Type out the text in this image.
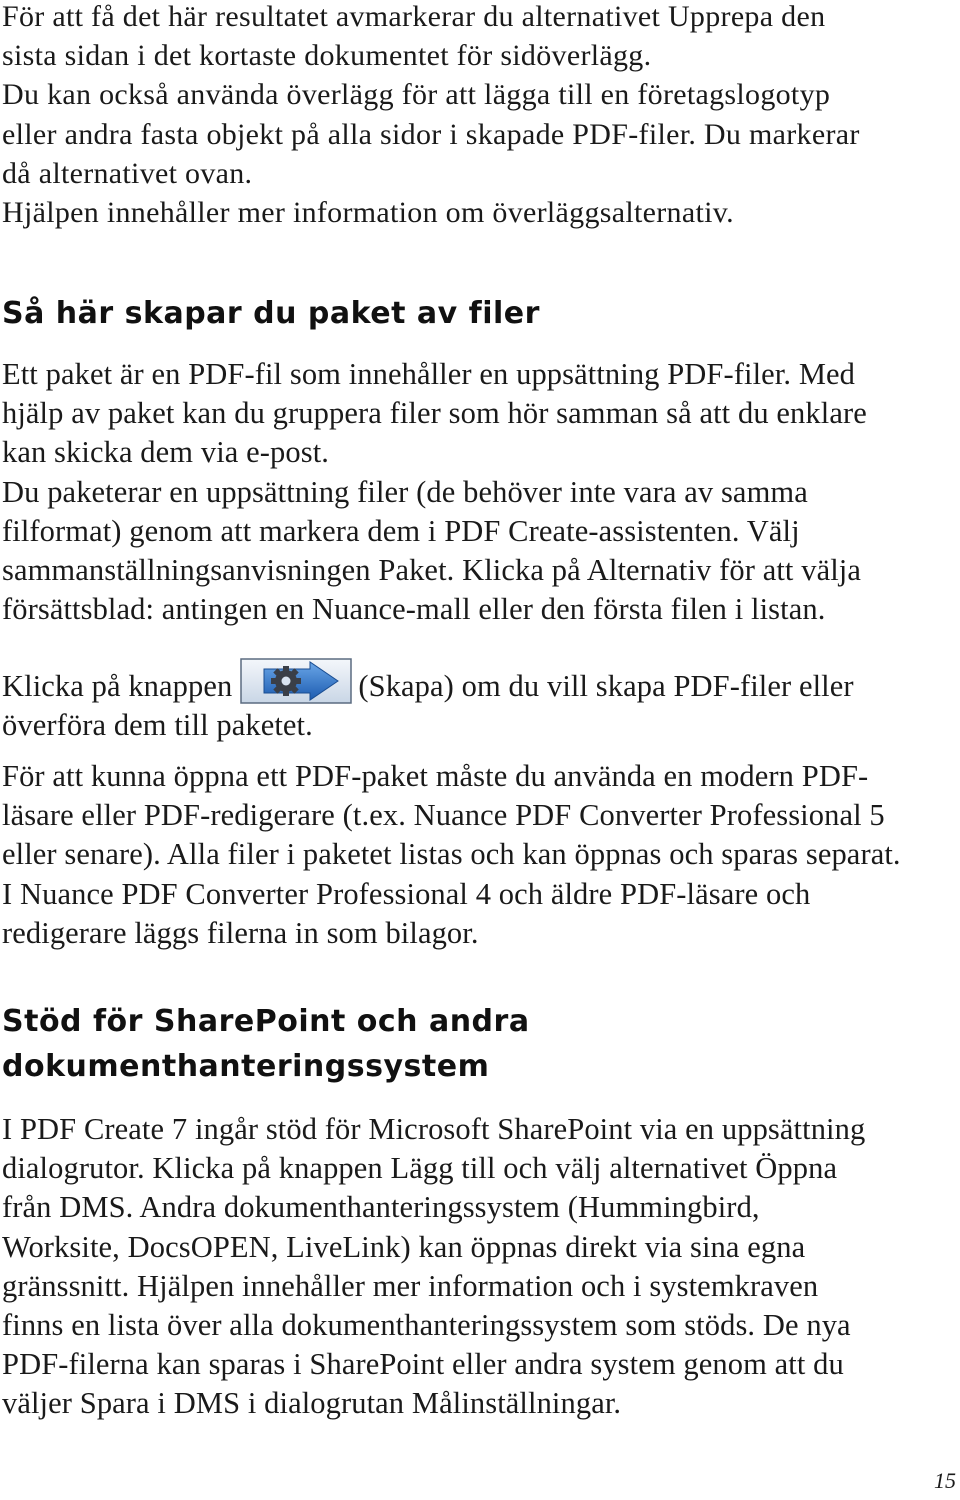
För att få det här resultatet avmarkerar du alternativet Upprepa den

sista sidan i det kortaste dokumentet för sidöverlägg.

Du kan också använda överlägg för att lägga till en företagslogotyp

eller andra fasta objekt på alla sidor i skapade PDF-filer. Du markerar

då alternativet ovan.

Hjälpen innehåller mer information om överläggsalternativ.

Så här skapar du paket av filer

Ett paket är en PDF-fil som innehåller en uppsättning PDF-filer. Med

hjälp av paket kan du gruppera filer som hör samman så att du enklare

kan skicka dem via e-post.

Du paketerar en uppsättning filer (de behöver inte vara av samma

filformat) genom att markera dem i PDF Create-assistenten. Välj

sammanställningsanvisningen Paket. Klicka på Alternativ för att välja

försättsblad: antingen en Nuance-mall eller den första filen i listan.

Klicka på knappen	(Skapa) om du vill skapa PDF-filer eller

överföra dem till paketet.

För att kunna öppna ett PDF-paket måste du använda en modern PDF-

läsare eller PDF-redigerare (t.ex. Nuance PDF Converter Professional 5

eller senare). Alla filer i paketet listas och kan öppnas och sparas separat.

I Nuance PDF Converter Professional 4 och äldre PDF-läsare och

redigerare läggs filerna in som bilagor.

Stöd för SharePoint och andra
dokumenthanteringssystem

I PDF Create 7 ingår stöd för Microsoft SharePoint via en uppsättning

dialogrutor. Klicka på knappen Lägg till och välj alternativet Öppna

från DMS. Andra dokumenthanteringssystem (Hummingbird,

Worksite, DocsOPEN, LiveLink) kan öppnas direkt via sina egna

gränssnitt. Hjälpen innehåller mer information och i systemkraven

finns en lista över alla dokumenthanteringssystem som stöds. De nya

PDF-filerna kan sparas i SharePoint eller andra system genom att du

väljer Spara i DMS i dialogrutan Målinställningar.

15
